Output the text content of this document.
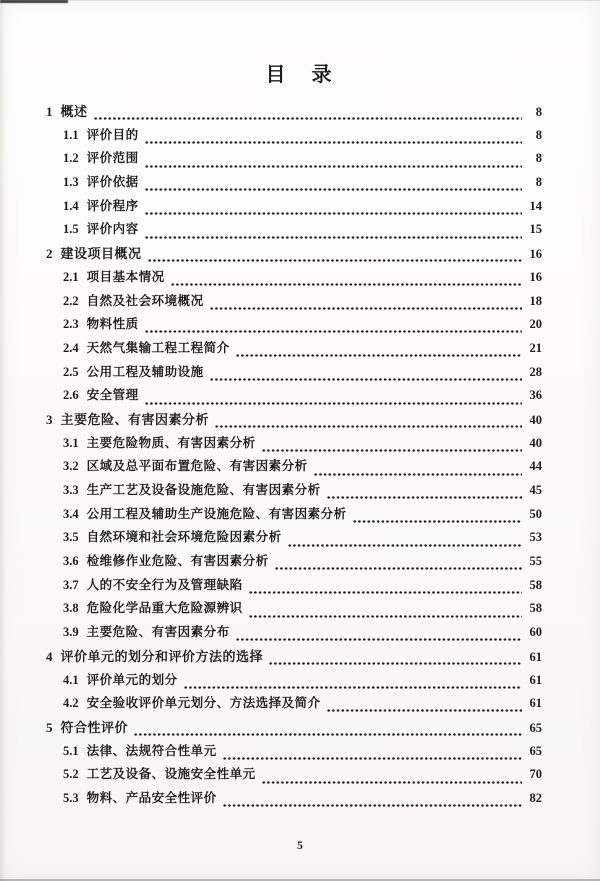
目　录
1 概述	8
1.1 评价目的	8
1.2 评价范围	8
1.3 评价依据	8
1.4 评价程序	14
1.5 评价内容	15
2 建设项目概况	16
2.1 项目基本情况	16
2.2 自然及社会环境概况	18
2.3 物料性质	20
2.4 天然气集输工程工程简介	21
2.5 公用工程及辅助设施	28
2.6 安全管理	36
3 主要危险、有害因素分析	40
3.1 主要危险物质、有害因素分析	40
3.2 区域及总平面布置危险、有害因素分析	44
3.3 生产工艺及设备设施危险、有害因素分析	45
3.4 公用工程及辅助生产设施危险、有害因素分析	50
3.5 自然环境和社会环境危险因素分析	53
3.6 检维修作业危险、有害因素分析	55
3.7 人的不安全行为及管理缺陷	58
3.8 危险化学品重大危险源辨识	58
3.9 主要危险、有害因素分布	60
4 评价单元的划分和评价方法的选择	61
4.1 评价单元的划分	61
4.2 安全验收评价单元划分、方法选择及简介	61
5 符合性评价	65
5.1 法律、法规符合性单元	65
5.2 工艺及设备、设施安全性单元	70
5.3 物料、产品安全性评价	82
5
